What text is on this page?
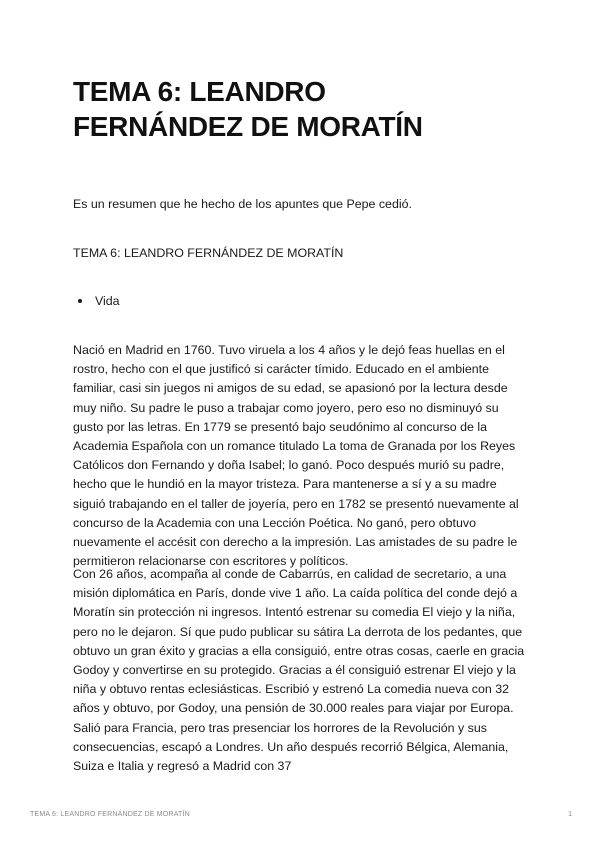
TEMA 6: LEANDRO
FERNÁNDEZ DE MORATÍN

Es un resumen que he hecho de los apuntes que Pepe cedió.

TEMA 6: LEANDRO FERNÁNDEZ DE MORATÍN

Vida

Nació en Madrid en 1760. Tuvo viruela a los 4 años y le dejó feas huellas en el rostro, hecho con el que justificó si carácter tímido. Educado en el ambiente familiar, casi sin juegos ni amigos de su edad, se apasionó por la lectura desde muy niño. Su padre le puso a trabajar como joyero, pero eso no disminuyó su gusto por las letras. En 1779 se presentó bajo seudónimo al concurso de la Academia Española con un romance titulado La toma de Granada por los Reyes Católicos don Fernando y doña Isabel; lo ganó. Poco después murió su padre, hecho que le hundió en la mayor tristeza. Para mantenerse a sí y a su madre siguió trabajando en el taller de joyería, pero en 1782 se presentó nuevamente al concurso de la Academia con una Lección Poética. No ganó, pero obtuvo nuevamente el accésit con derecho a la impresión. Las amistades de su padre le permitieron relacionarse con escritores y políticos.

Con 26 años, acompaña al conde de Cabarrús, en calidad de secretario, a una misión diplomática en París, donde vive 1 año. La caída política del conde dejó a Moratín sin protección ni ingresos. Intentó estrenar su comedia El viejo y la niña, pero no le dejaron. Sí que pudo publicar su sátira La derrota de los pedantes, que obtuvo un gran éxito y gracias a ella consiguió, entre otras cosas, caerle en gracia Godoy y convertirse en su protegido. Gracias a él consiguió estrenar El viejo y la niña y obtuvo rentas eclesiásticas. Escribió y estrenó La comedia nueva con 32 años y obtuvo, por Godoy, una pensión de 30.000 reales para viajar por Europa. Salió para Francia, pero tras presenciar los horrores de la Revolución y sus consecuencias, escapó a Londres. Un año después recorrió Bélgica, Alemania, Suiza e Italia y regresó a Madrid con 37

TEMA 6: LEANDRO FERNÁNDEZ DE MORATÍN	1
